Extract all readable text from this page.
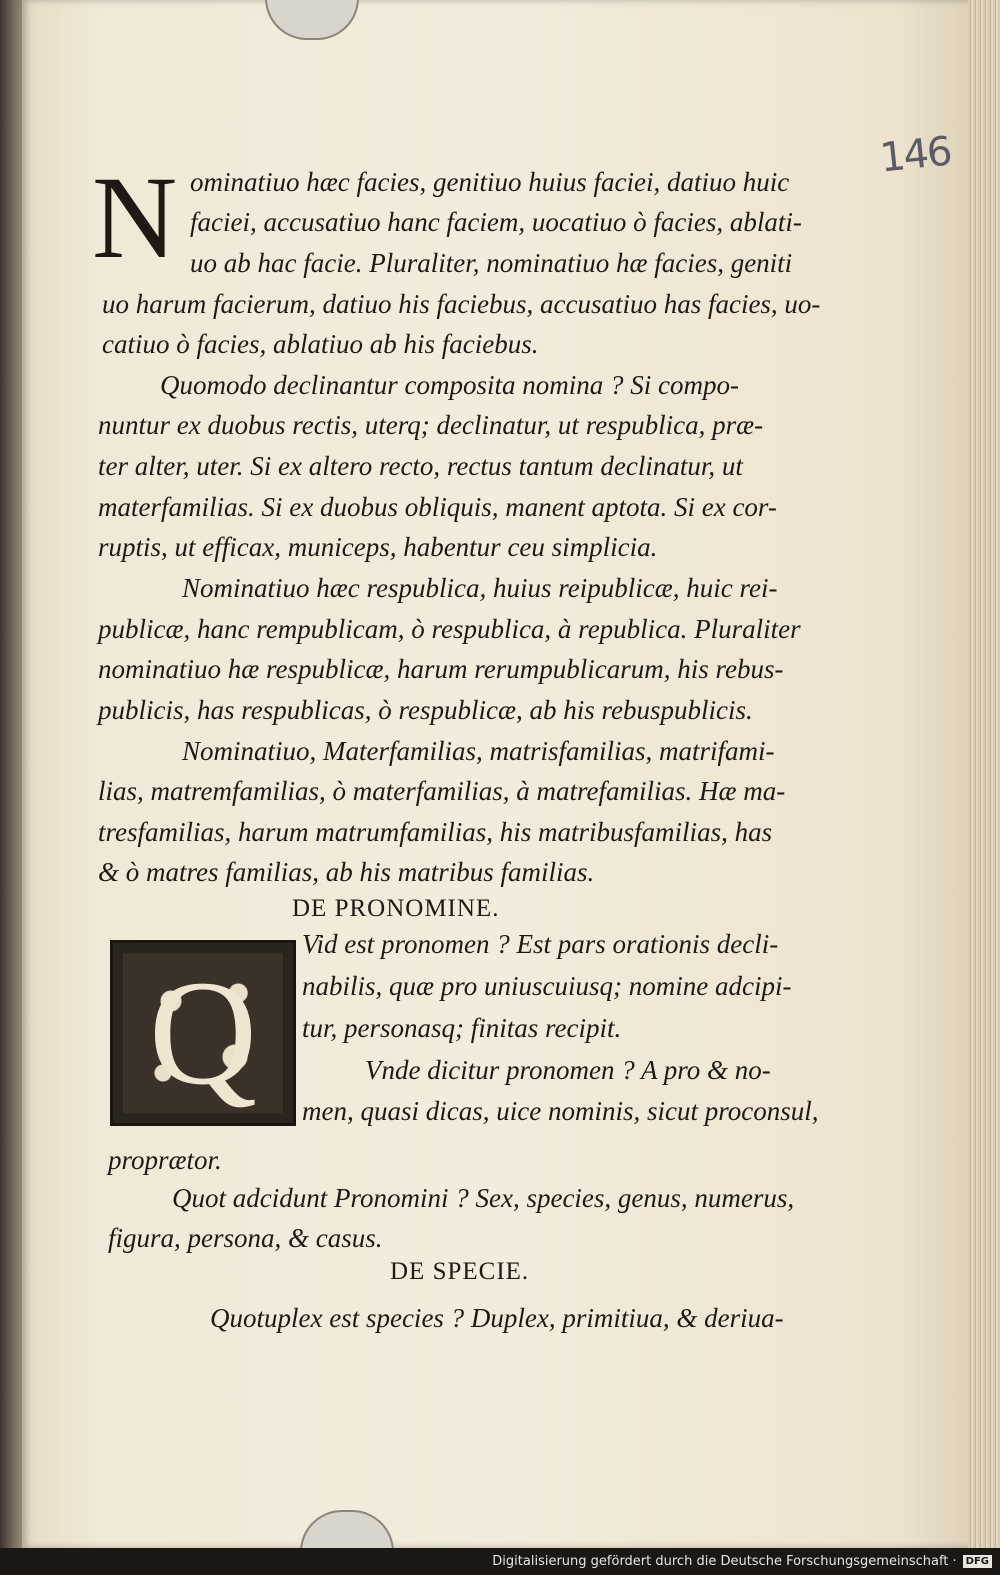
146
N ominatiuo hæc facies, genitiuo huius faciei, datiuo huic
faciei, accusatiuo hanc faciem, uocatiuo ò facies, ablati-
uo ab hac facie. Pluraliter, nominatiuo hæ facies, geniti
uo harum facierum, datiuo his faciebus, accusatiuo has facies, uo-
catiuo ò facies, ablatiuo ab his faciebus.
Quomodo declinantur composita nomina ? Si compo-
nuntur ex duobus rectis, uterq; declinatur, ut respublica, præ-
ter alter, uter. Si ex altero recto, rectus tantum declinatur, ut
materfamilias. Si ex duobus obliquis, manent aptota. Si ex cor-
ruptis, ut efficax, municeps, habentur ceu simplicia.
Nominatiuo hæc respublica, huius reipublicæ, huic rei-
publicæ, hanc rempublicam, ò respublica, à republica. Pluraliter
nominatiuo hæ respublicæ, harum rerumpublicarum, his rebus-
publicis, has respublicas, ò respublicæ, ab his rebuspublicis.
Nominatiuo, Materfamilias, matrisfamilias, matrifami-
lias, matremfamilias, ò materfamilias, à matrefamilias. Hæ ma-
tresfamilias, harum matrumfamilias, his matribusfamilias, has
& ò matres familias, ab his matribus familias.
DE PRONOMINE.
Q
Vid est pronomen ? Est pars orationis decli-
nabilis, quæ pro uniuscuiusq; nomine adcipi-
tur, personasq; finitas recipit.
Vnde dicitur pronomen ? A pro & no-
men, quasi dicas, uice nominis, sicut proconsul,
proprætor.
Quot adcidunt Pronomini ? Sex, species, genus, numerus,
figura, persona, & casus.
DE SPECIE.
Quotuplex est species ? Duplex, primitiua, & deriua-
Digitalisierung gefördert durch die Deutsche Forschungsgemeinschaft · DFG
